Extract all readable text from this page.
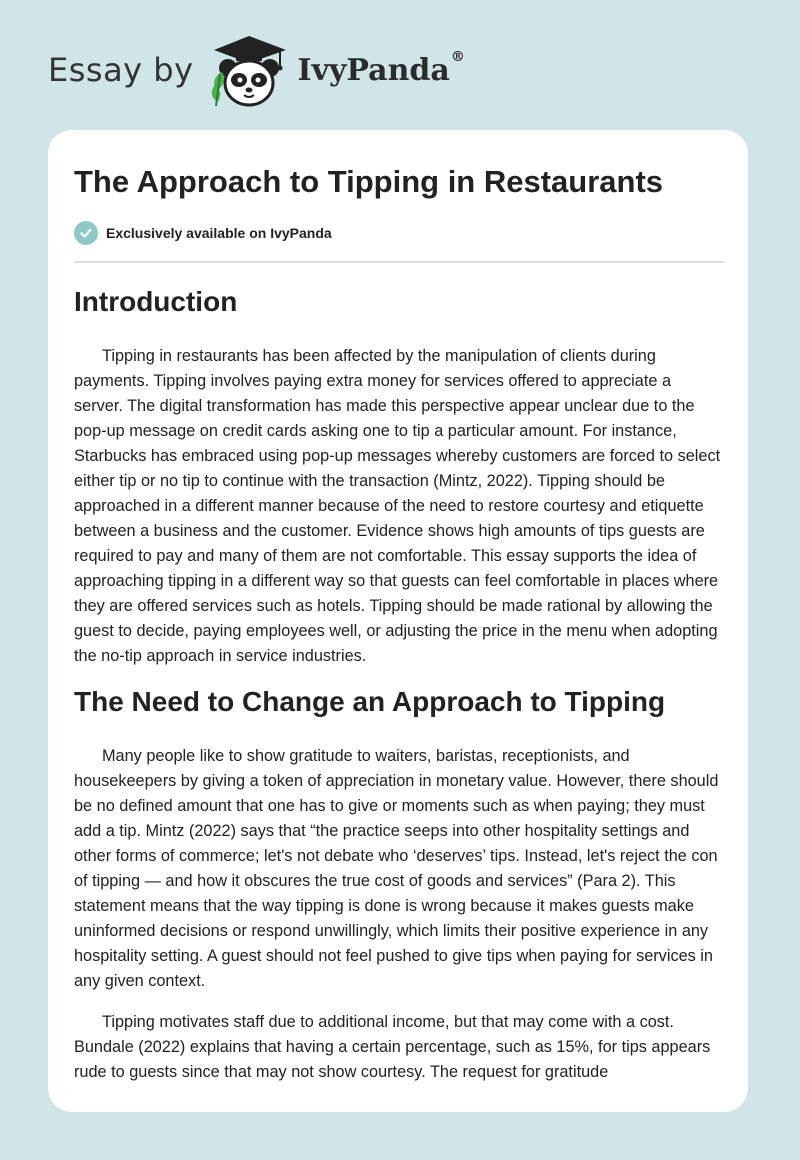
Essay by	IvyPanda®
The Approach to Tipping in Restaurants
Exclusively available on IvyPanda
Introduction

Tipping in restaurants has been affected by the manipulation of clients during payments. Tipping involves paying extra money for services offered to appreciate a server. The digital transformation has made this perspective appear unclear due to the pop-up message on credit cards asking one to tip a particular amount. For instance, Starbucks has embraced using pop-up messages whereby customers are forced to select either tip or no tip to continue with the transaction (Mintz, 2022). Tipping should be approached in a different manner because of the need to restore courtesy and etiquette between a business and the customer. Evidence shows high amounts of tips guests are required to pay and many of them are not comfortable. This essay supports the idea of approaching tipping in a different way so that guests can feel comfortable in places where they are offered services such as hotels. Tipping should be made rational by allowing the guest to decide, paying employees well, or adjusting the price in the menu when adopting the no-tip approach in service industries.

The Need to Change an Approach to Tipping

Many people like to show gratitude to waiters, baristas, receptionists, and housekeepers by giving a token of appreciation in monetary value. However, there should be no defined amount that one has to give or moments such as when paying; they must add a tip. Mintz (2022) says that “the practice seeps into other hospitality settings and other forms of commerce; let's not debate who ‘deserves’ tips. Instead, let's reject the con of tipping — and how it obscures the true cost of goods and services” (Para 2). This statement means that the way tipping is done is wrong because it makes guests make uninformed decisions or respond unwillingly, which limits their positive experience in any hospitality setting. A guest should not feel pushed to give tips when paying for services in any given context.

Tipping motivates staff due to additional income, but that may come with a cost. Bundale (2022) explains that having a certain percentage, such as 15%, for tips appears rude to guests since that may not show courtesy. The request for gratitude
